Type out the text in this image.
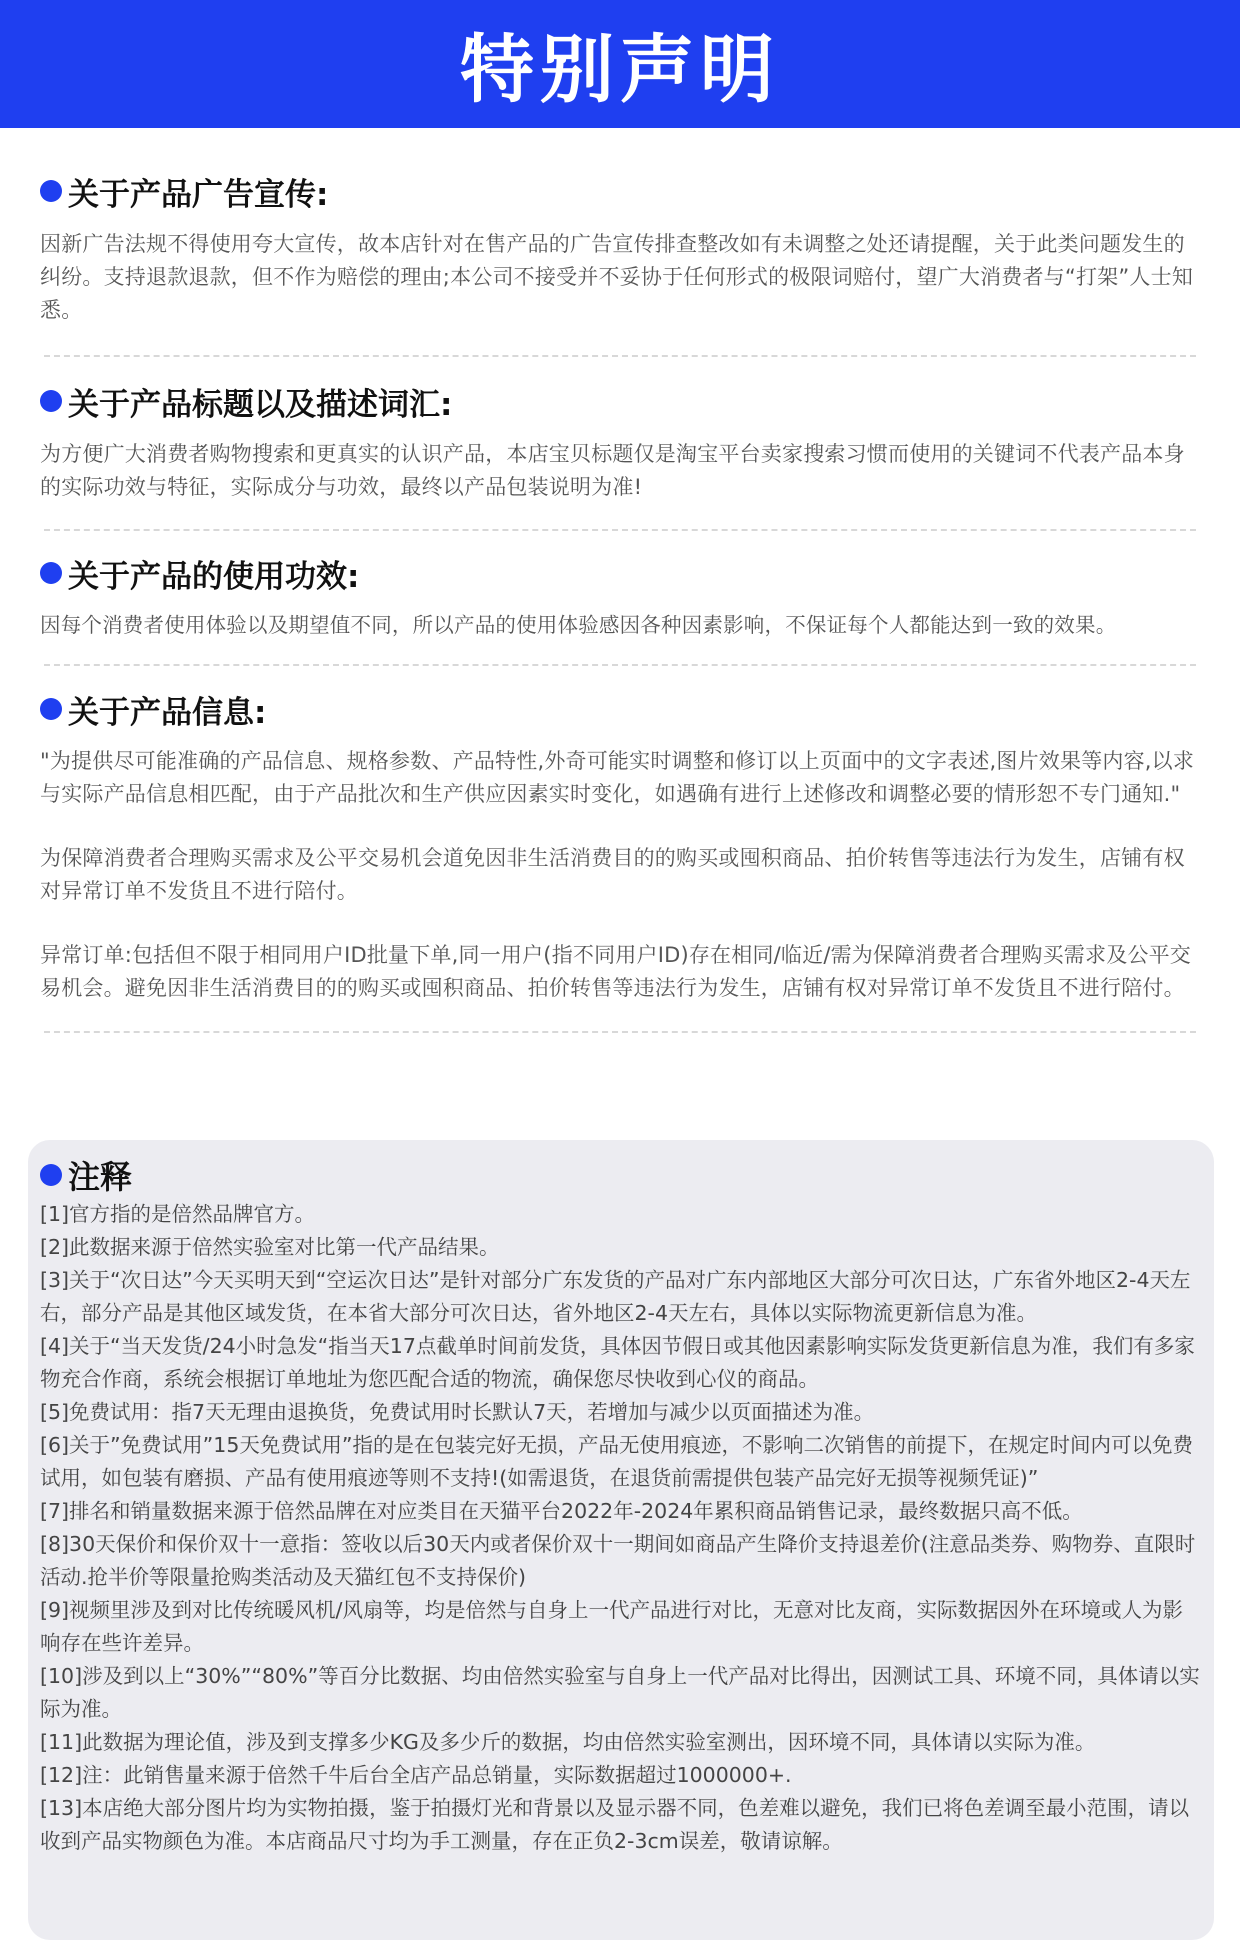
特别声明
关于产品广告宣传:

因新广告法规不得使用夸大宣传，故本店针对在售产品的广告宣传排查整改如有未调整之处还请提醒，关于此类问题发生的纠纷。支持退款退款，但不作为赔偿的理由;本公司不接受并不妥协于任何形式的极限词赔付，望广大消费者与“打架”人士知悉。

关于产品标题以及描述词汇:

为方便广大消费者购物搜索和更真实的认识产品，本店宝贝标题仅是淘宝平台卖家搜索习惯而使用的关键词不代表产品本身的实际功效与特征，实际成分与功效，最终以产品包装说明为准!

关于产品的使用功效:

因每个消费者使用体验以及期望值不同，所以产品的使用体验感因各种因素影响，不保证每个人都能达到一致的效果。

关于产品信息:

"为提供尽可能准确的产品信息、规格参数、产品特性,外奇可能实时调整和修订以上页面中的文字表述,图片效果等内容,以求与实际产品信息相匹配，由于产品批次和生产供应因素实时变化，如遇确有进行上述修改和调整必要的情形恕不专门通知."

为保障消费者合理购买需求及公平交易机会道免因非生活消费目的的购买或囤积商品、拍价转售等违法行为发生，店铺有权对异常订单不发货且不进行陪付。

异常订单:包括但不限于相同用户ID批量下单,同一用户(指不同用户ID)存在相同/临近/需为保障消费者合理购买需求及公平交易机会。避免因非生活消费目的的购买或囤积商品、拍价转售等违法行为发生，店铺有权对异常订单不发货且不进行陪付。

注释

[1]官方指的是倍然品牌官方。

[2]此数据来源于倍然实验室对比第一代产品结果。

[3]关于“次日达”今天买明天到“空运次日达”是针对部分广东发货的产品对广东内部地区大部分可次日达，广东省外地区2-4天左右，部分产品是其他区域发货，在本省大部分可次日达，省外地区2-4天左右，具体以实际物流更新信息为准。

[4]关于“当天发货/24小时急发“指当天17点截单时间前发货，具体因节假日或其他因素影响实际发货更新信息为准，我们有多家物充合作商，系统会根据订单地址为您匹配合适的物流，确保您尽快收到心仪的商品。

[5]免费试用：指7天无理由退换货，免费试用时长默认7天，若增加与减少以页面描述为准。

[6]关于”免费试用”15天免费试用”指的是在包装完好无损，产品无使用痕迹，不影响二次销售的前提下，在规定时间内可以免费试用，如包装有磨损、产品有使用痕迹等则不支持!(如需退货，在退货前需提供包装产品完好无损等视频凭证)”

[7]排名和销量数据来源于倍然品牌在对应类目在天猫平台2022年-2024年累积商品销售记录，最终数据只高不低。

[8]30天保价和保价双十一意指：签收以后30天内或者保价双十一期间如商品产生降价支持退差价(注意品类券、购物券、直限时活动.抢半价等限量抢购类活动及天猫红包不支持保价)

[9]视频里涉及到对比传统暖风机/风扇等，均是倍然与自身上一代产品进行对比，无意对比友商，实际数据因外在环境或人为影响存在些许差异。

[10]涉及到以上“30%”“80%”等百分比数据、均由倍然实验室与自身上一代产品对比得出，因测试工具、环境不同，具体请以实际为准。

[11]此数据为理论值，涉及到支撑多少KG及多少斤的数据，均由倍然实验室测出，因环境不同，具体请以实际为准。

[12]注：此销售量来源于倍然千牛后台全店产品总销量，实际数据超过1000000+.

[13]本店绝大部分图片均为实物拍摄，鉴于拍摄灯光和背景以及显示器不同，色差难以避免，我们已将色差调至最小范围，请以收到产品实物颜色为准。本店商品尺寸均为手工测量，存在正负2-3cm误差，敬请谅解。
